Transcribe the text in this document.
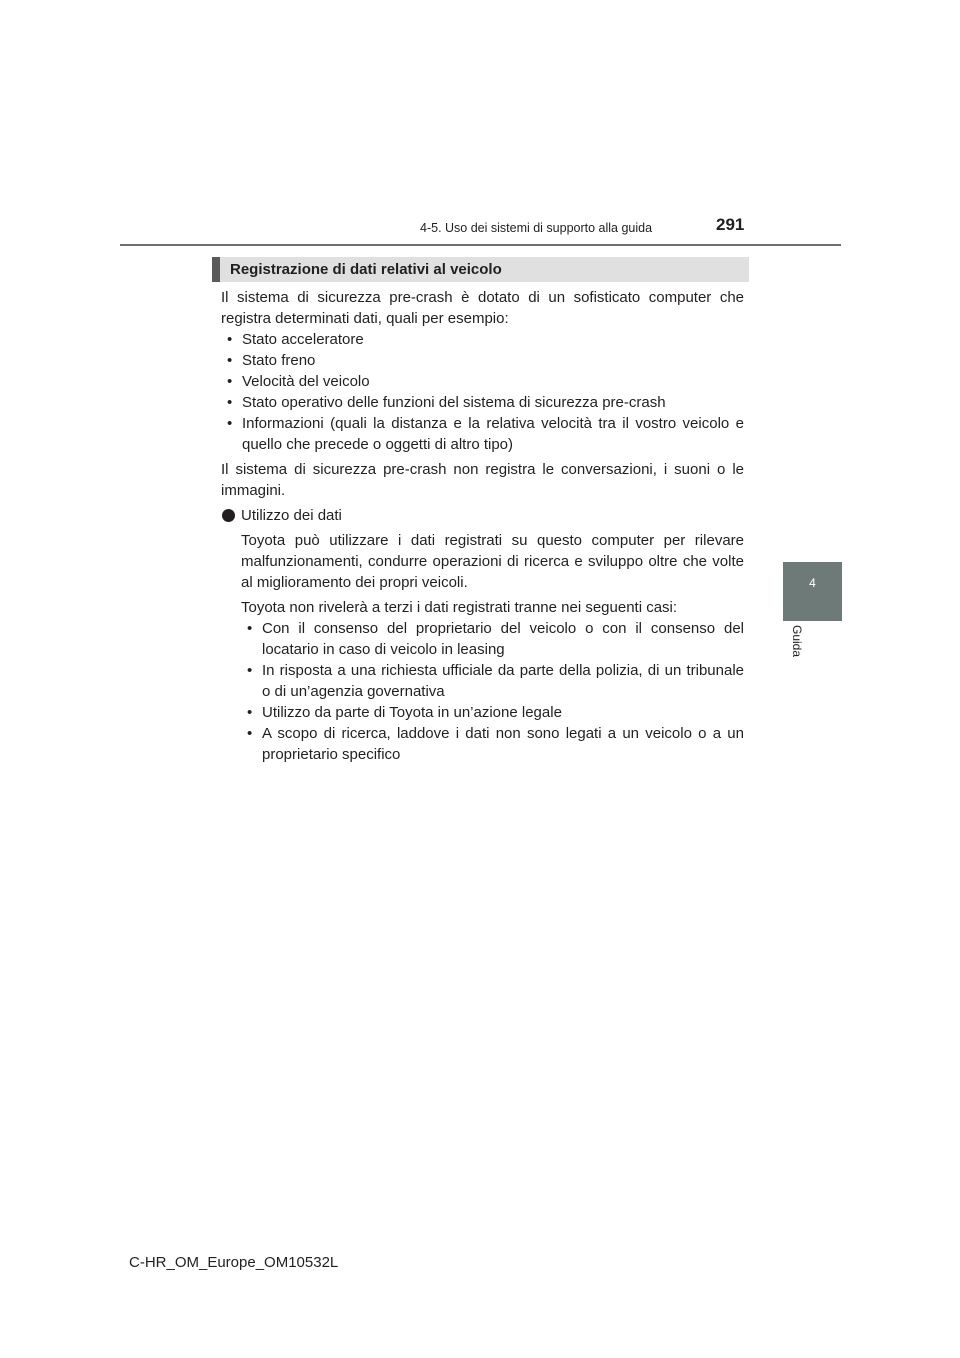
4-5. Uso dei sistemi di supporto alla guida	291
4
Guida
Registrazione di dati relativi al veicolo

Il sistema di sicurezza pre-crash è dotato di un sofisticato computer che registra determinati dati, quali per esempio:

• Stato acceleratore
• Stato freno
• Velocità del veicolo
• Stato operativo delle funzioni del sistema di sicurezza pre-crash
• Informazioni (quali la distanza e la relativa velocità tra il vostro veicolo e quello che precede o oggetti di altro tipo)

Il sistema di sicurezza pre-crash non registra le conversazioni, i suoni o le immagini.

Utilizzo dei dati

Toyota può utilizzare i dati registrati su questo computer per rilevare malfunzionamenti, condurre operazioni di ricerca e sviluppo oltre che volte al miglioramento dei propri veicoli.

Toyota non rivelerà a terzi i dati registrati tranne nei seguenti casi:

• Con il consenso del proprietario del veicolo o con il consenso del locatario in caso di veicolo in leasing
• In risposta a una richiesta ufficiale da parte della polizia, di un tribunale o di un’agenzia governativa
• Utilizzo da parte di Toyota in un’azione legale
• A scopo di ricerca, laddove i dati non sono legati a un veicolo o a un proprietario specifico
C-HR_OM_Europe_OM10532L
